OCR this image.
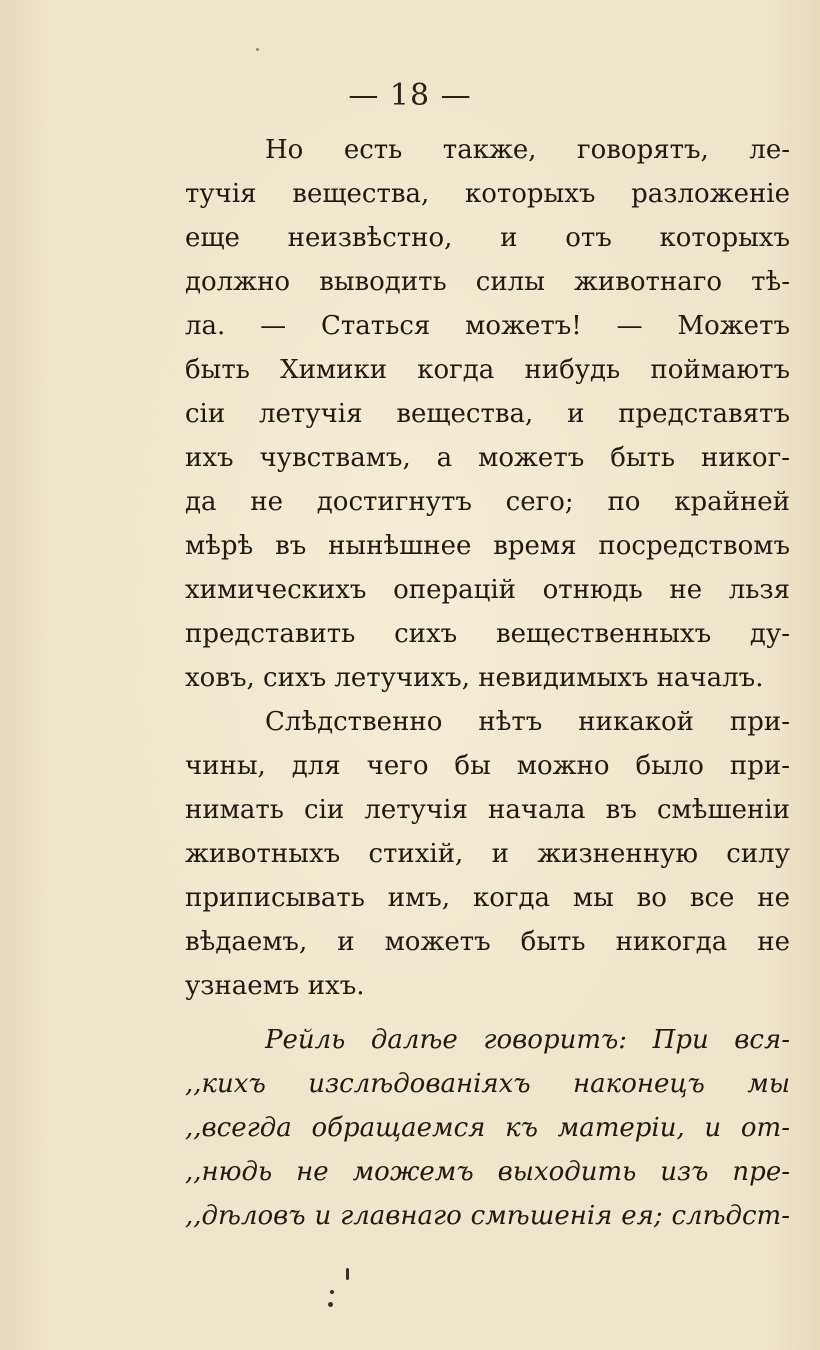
— 18 —
Но есть также, говорятъ, ле-
тучія вещества, которыхъ разложеніе
еще неизвѣстно, и отъ которыхъ
должно выводить силы животнаго тѣ-
ла. — Статься можетъ! — Можетъ
быть Химики когда нибудь поймаютъ
сіи летучія вещества, и представятъ
ихъ чувствамъ, а можетъ быть никог-
да не достигнутъ сего; по крайней
мѣрѣ въ нынѣшнее время посредствомъ
химическихъ операцій отнюдь не льзя
представить сихъ вещественныхъ ду-
ховъ, сихъ летучихъ, невидимыхъ началъ.
Слѣдственно нѣтъ никакой при-
чины, для чего бы можно было при-
нимать сіи летучія начала въ смѣшеніи
животныхъ стихій, и жизненную силу
приписывать имъ, когда мы во все не
вѣдаемъ, и можетъ быть никогда не
узнаемъ ихъ.
Рейль далѣе говоритъ: При вся-
,,кихъ изслѣдованіяхъ наконецъ мы
,,всегда обращаемся къ матеріи, и от-
,,нюдь не можемъ выходить изъ пре-
,,дѣловъ и главнаго смѣшенія ея; слѣдст-
